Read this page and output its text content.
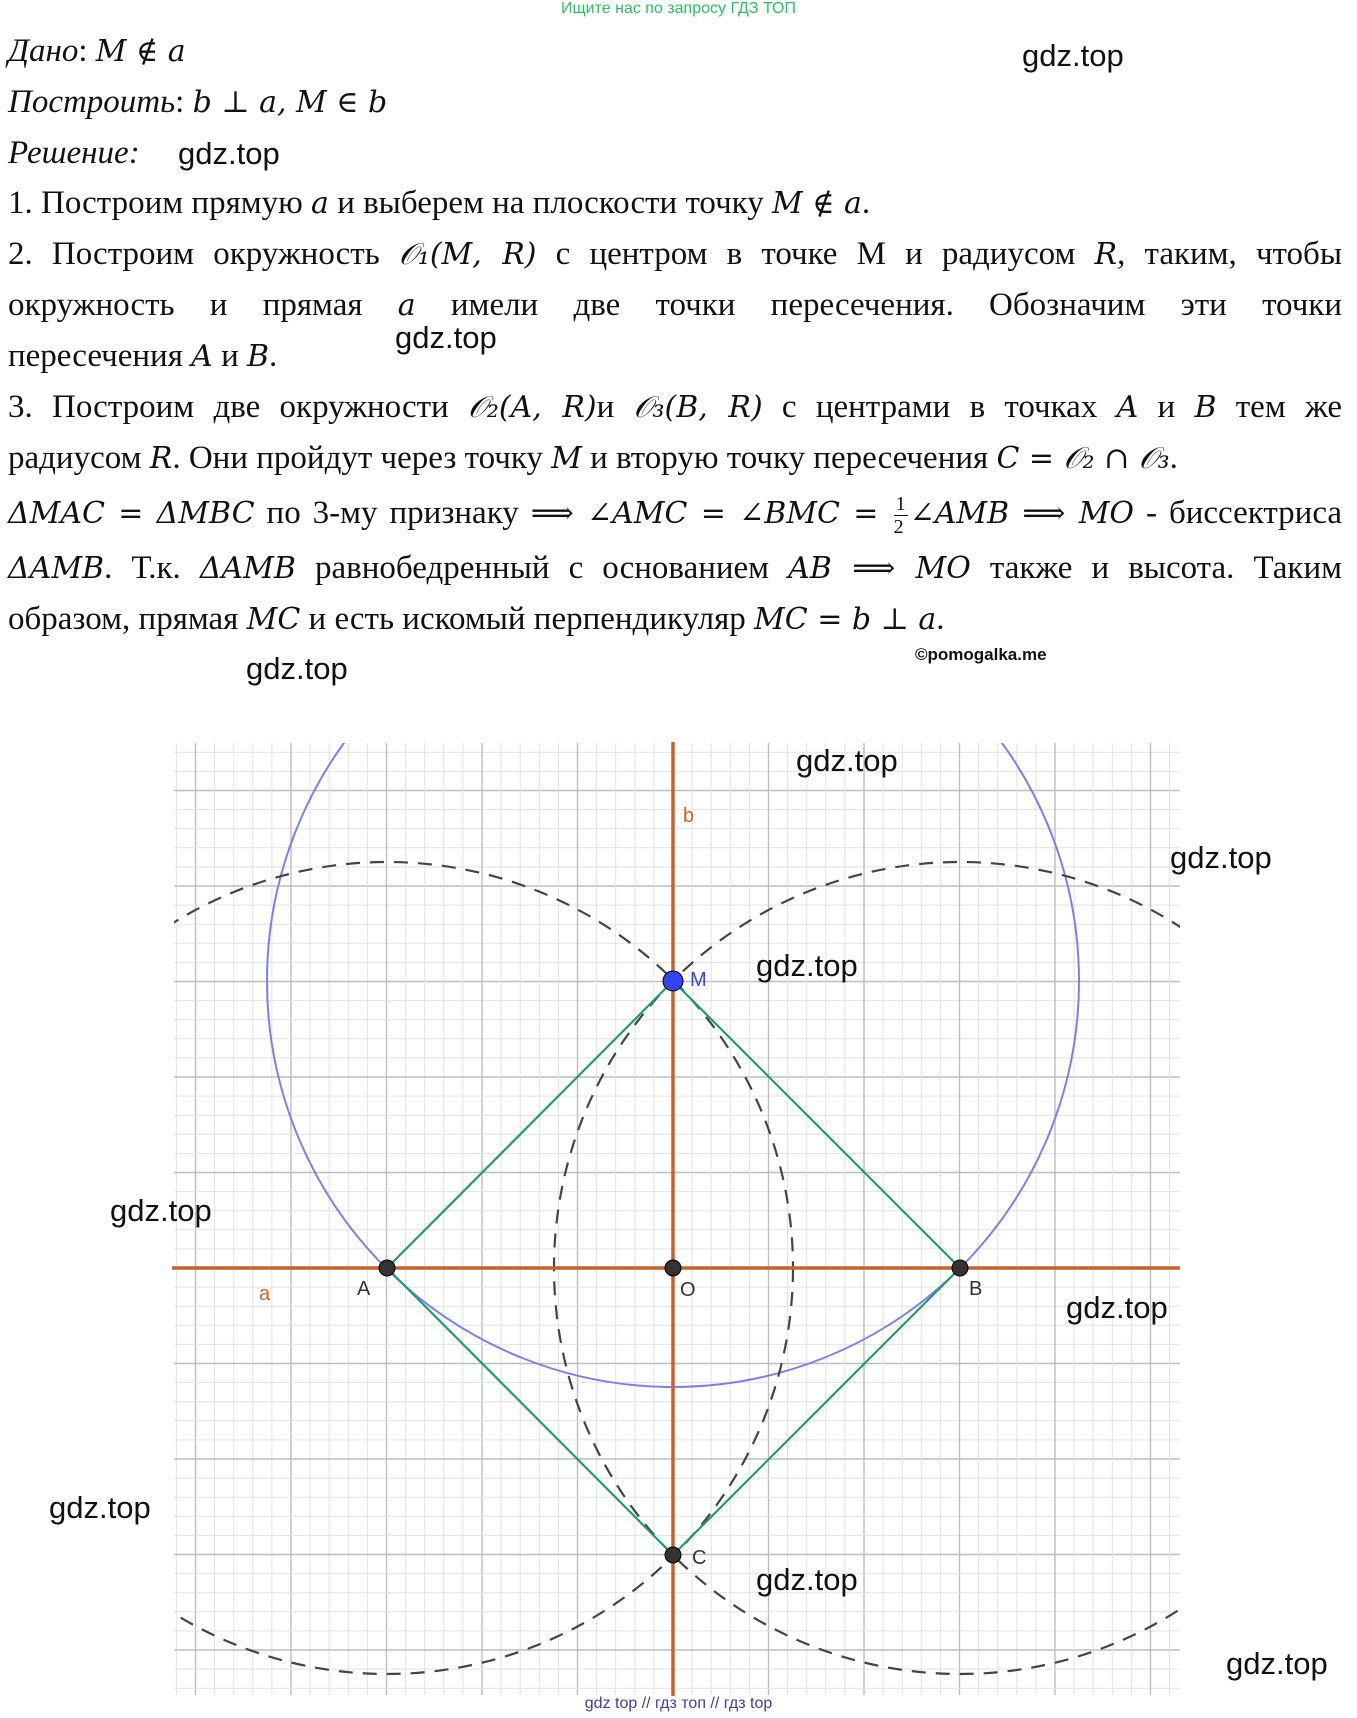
Ищите нас по запросу ГДЗ ТОП
Дано: M ∉ a
Построить: b ⊥ a, M ∈ b
Решение:
1. Построим прямую a и выберем на плоскости точку M ∉ a.
2. Построим окружность 𝒪₁(M, R) с центром в точке М и радиусом R, таким, чтобы окружность и прямая a имели две точки пересечения. Обозначим эти точки
пересечения A и B.
3. Построим две окружности 𝒪₂(A, R)и 𝒪₃(B, R) с центрами в точках A и B тем же
радиусом R. Они пройдут через точку M и вторую точку пересечения C = 𝒪₂ ∩ 𝒪₃.
ΔMAC = ΔMBC по 3-му признаку ⟹ ∠AMC = ∠BMC = $\frac{1}{2}$ ∠AMB ⟹ MO - биссектриса
ΔAMB. Т.к. ΔAMB равнобедренный с основанием AB ⟹ MO также и высота. Таким
образом, прямая MC и есть искомый перпендикуляр MC = b ⊥ a.
gdz.top
gdz.top
gdz.top
gdz.top	©pomogalka.me
b
a
M
A	O	B
C
gdz.top
gdz.top
gdz.top
gdz.top
gdz.top
gdz.top
gdz.top
gdz.top
gdz top // гдз топ // гдз top
